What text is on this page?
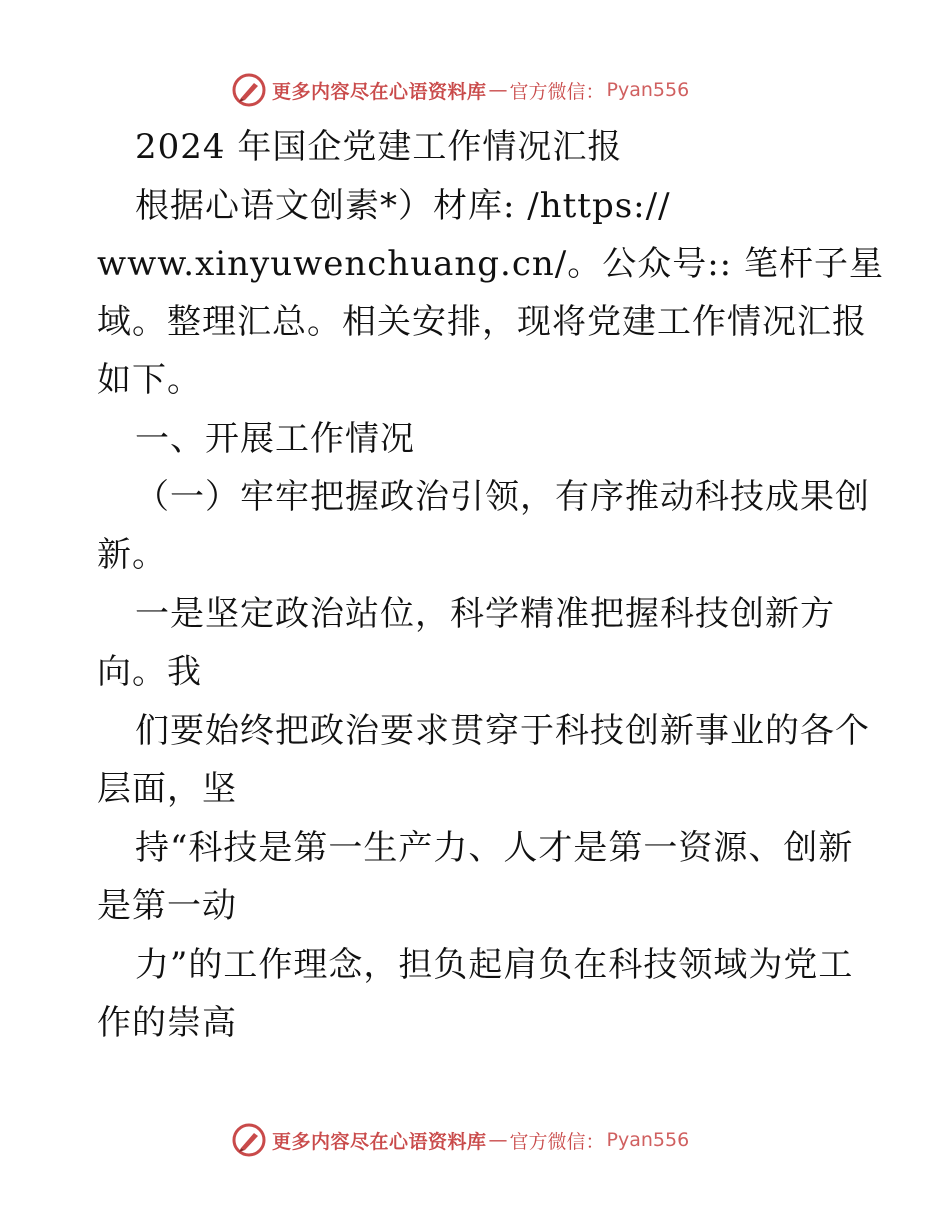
更多内容尽在心语资料库 — 官方微信： Pyan556
2024 年国企党建工作情况汇报
根据心语文创素*）材库: /https://
www.xinyuwenchuang.cn/。公众号:: 笔杆子星
域。整理汇总。相关安排，现将党建工作情况汇报
如下。
一、开展工作情况
（一）牢牢把握政治引领，有序推动科技成果创
新。
一是坚定政治站位，科学精准把握科技创新方
向。我
们要始终把政治要求贯穿于科技创新事业的各个
层面，坚
持“科技是第一生产力、人才是第一资源、创新
是第一动
力”的工作理念，担负起肩负在科技领域为党工
作的崇高
更多内容尽在心语资料库 — 官方微信： Pyan556
